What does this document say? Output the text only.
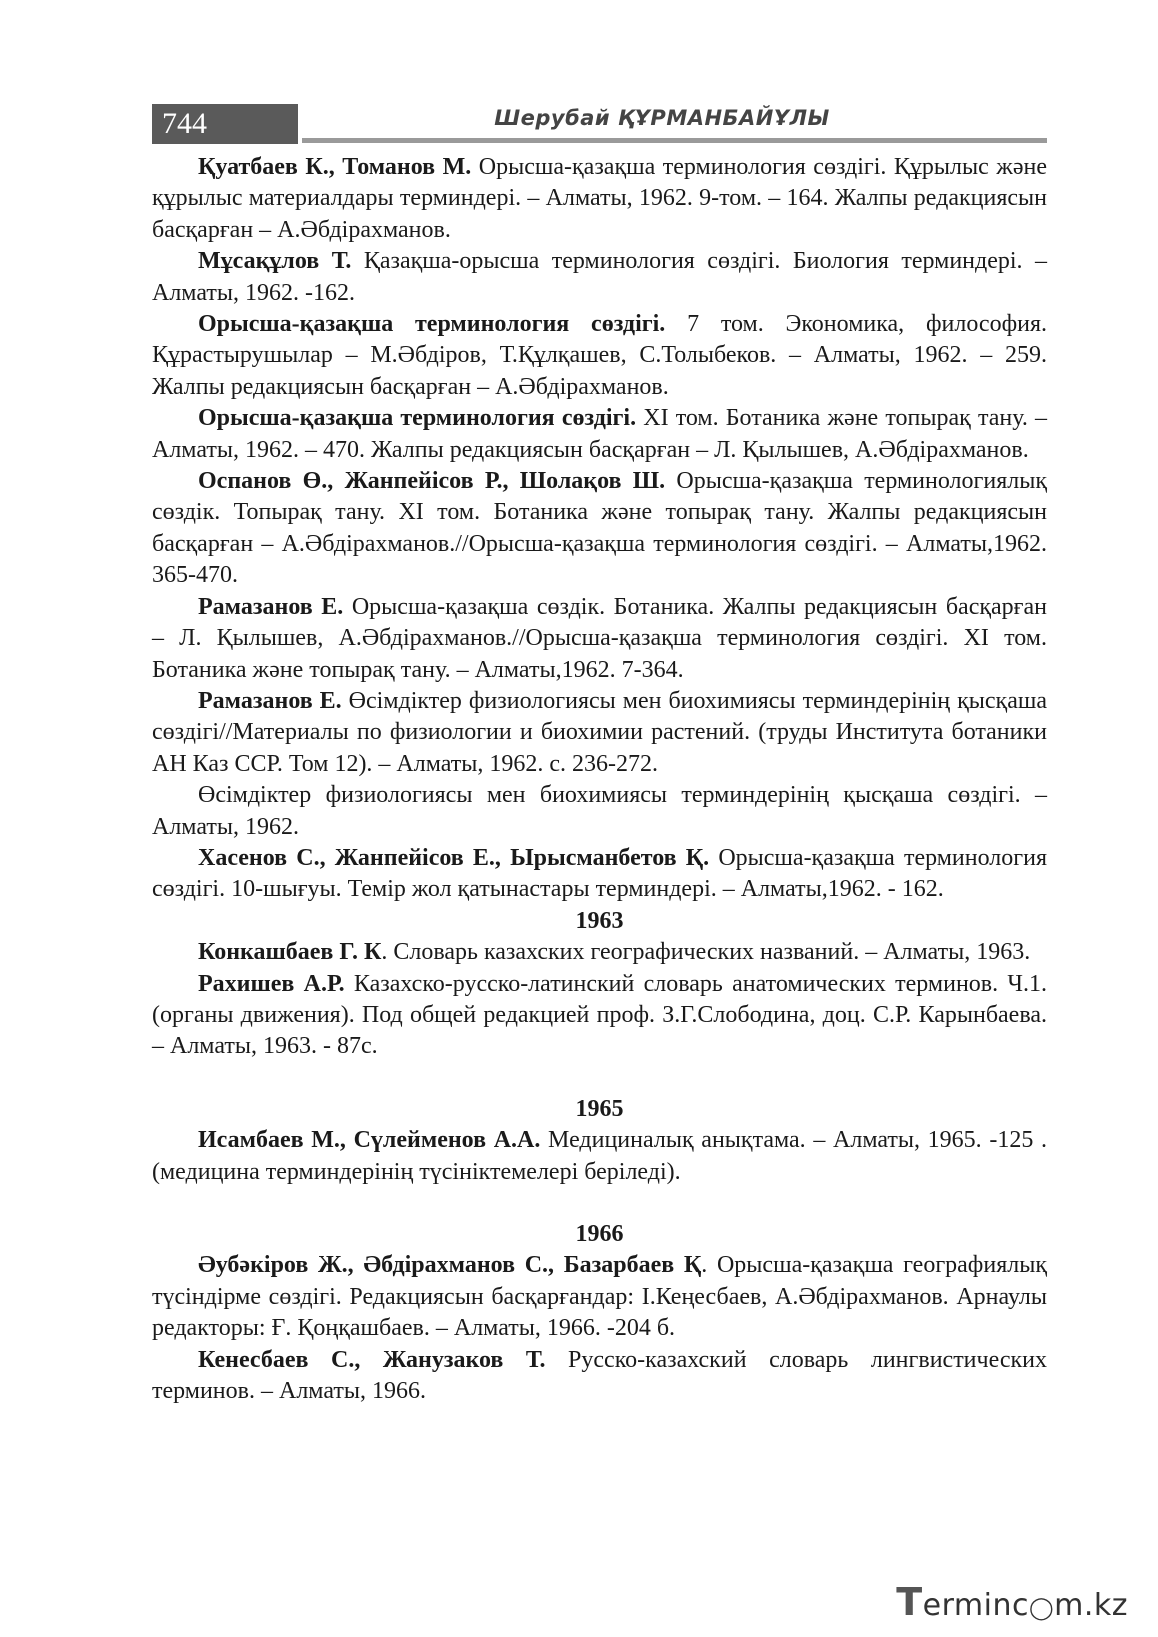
744	Шерубай ҚҰРМАНБАЙҰЛЫ

Қуатбаев К., Томанов М. Орысша-қазақша терминология сөздігі. Құрылыс және құрылыс материалдары терминдері. – Алматы, 1962. 9-том. – 164. Жалпы редакциясын басқарған – А.Әбдірахманов.

Мұсақұлов Т. Қазақша-орысша терминология сөздігі. Биология терминдері. – Алматы, 1962. -162.

Орысша-қазақша терминология сөздігі. 7 том. Экономика, философия. Құрастырушылар – М.Әбдіров, Т.Құлқашев, С.Толыбеков. – Алматы, 1962. – 259. Жалпы редакциясын басқарған – А.Әбдірахманов.

Орысша-қазақша терминология сөздігі. XI том. Ботаника және топырақ тану. – Алматы, 1962. – 470. Жалпы редакциясын басқарған – Л. Қылышев, А.Әбдірахманов.

Оспанов Ө., Жанпейісов Р., Шолақов Ш. Орысша-қазақша терминологиялық сөздік. Топырақ тану. XI том. Ботаника және топырақ тану. Жалпы редакциясын басқарған – А.Әбдірахманов.//Орысша-қазақша терминология сөздігі. – Алматы,1962. 365-470.

Рамазанов Е. Орысша-қазақша сөздік. Ботаника. Жалпы редакциясын басқарған – Л. Қылышев, А.Әбдірахманов.//Орысша-қазақша терминология сөздігі. XI том. Ботаника және топырақ тану. – Алматы,1962. 7-364.

Рамазанов Е. Өсімдіктер физиологиясы мен биохимиясы терминдерінің қысқаша сөздігі//Материалы по физиологии и биохимии растений. (труды Института ботаники АН Каз ССР. Том 12). – Алматы, 1962. с. 236-272.

Өсімдіктер физиологиясы мен биохимиясы терминдерінің қысқаша сөздігі. – Алматы, 1962.

Хасенов С., Жанпейісов Е., Ырысманбетов Қ. Орысша-қазақша терминология сөздігі. 10-шығуы. Темір жол қатынастары терминдері. – Алматы,1962. - 162.

1963

Конкашбаев Г. К. Словарь казахских географических названий. – Алматы, 1963.

Рахишев А.Р. Казахско-русско-латинский словарь анатомических терминов. Ч.1. (органы движения). Под общей редакцией проф. З.Г.Слободина, доц. С.Р. Карынбаева. – Алматы, 1963. - 87с.

1965

Исамбаев М., Сүлейменов А.А. Медициналық анықтама. – Алматы, 1965. -125 . (медицина терминдерінің түсініктемелері беріледі).

1966

Әубәкіров Ж., Әбдірахманов С., Базарбаев Қ. Орысша-қазақша географиялық түсіндірме сөздігі. Редакциясын басқарғандар: І.Кеңесбаев, А.Әбдірахманов. Арнаулы редакторы: Ғ. Қоңқашбаев. – Алматы, 1966. -204 б.

Кенесбаев С., Жанузаков Т. Русско-казахский словарь лингвистических терминов. – Алматы, 1966.

Terminc◯m.kz
